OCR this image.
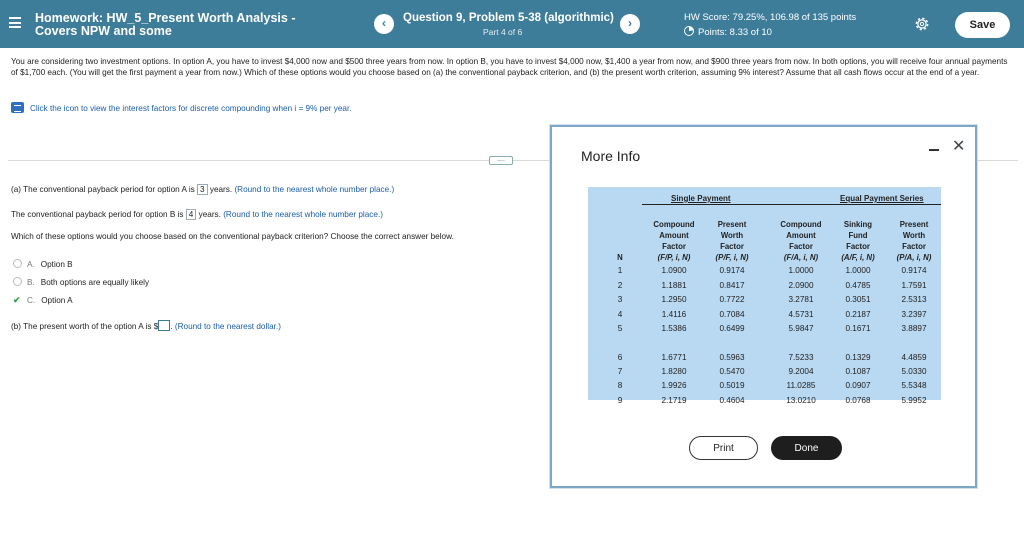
Homework: HW_5_Present Worth Analysis -
Covers NPW and some
‹	Question 9, Problem 5-38 (algorithmic)
Part 4 of 6
›	HW Score: 79.25%, 106.98 of 135 points
Points: 8.33 of 10
Save
You are considering two investment options. In option A, you have to invest $4,000 now and $500 three years from now. In option B, you have to invest $4,000 now, $1,400 a year from now, and $900 three years from now. In both options, you will receive four annual payments of $1,700 each. (You will get the first payment a year from now.) Which of these options would you choose based on (a) the conventional payback criterion, and (b) the present worth criterion, assuming 9% interest? Assume that all cash flows occur at the end of a year.
Click the icon to view the interest factors for discrete compounding when i = 9% per year.
....
(a) The conventional payback period for option A is 3 years. (Round to the nearest whole number place.)
The conventional payback period for option B is 4 years. (Round to the nearest whole number place.)
Which of these options would you choose based on the conventional payback criterion? Choose the correct answer below.
A. Option B
B. Both options are equally likely
✔ C. Option A
(b) The present worth of the option A is $ . (Round to the nearest dollar.)
More Info
✕
Single Payment	Equal Payment Series
N
Compound
Amount
Factor
(F/P, i, N)
Present
Worth
Factor
(P/F, i, N)
Compound
Amount
Factor
(F/A, i, N)
Sinking
Fund
Factor
(A/F, i, N)
Present
Worth
Factor
(P/A, i, N)
1	1.0900	0.9174	1.0000	1.0000	0.9174
2	1.1881	0.8417	2.0900	0.4785	1.7591
3	1.2950	0.7722	3.2781	0.3051	2.5313
4	1.4116	0.7084	4.5731	0.2187	3.2397
5	1.5386	0.6499	5.9847	0.1671	3.8897
6	1.6771	0.5963	7.5233	0.1329	4.4859
7	1.8280	0.5470	9.2004	0.1087	5.0330
8	1.9926	0.5019	11.0285	0.0907	5.5348
9	2.1719	0.4604	13.0210	0.0768	5.9952
Print	Done
